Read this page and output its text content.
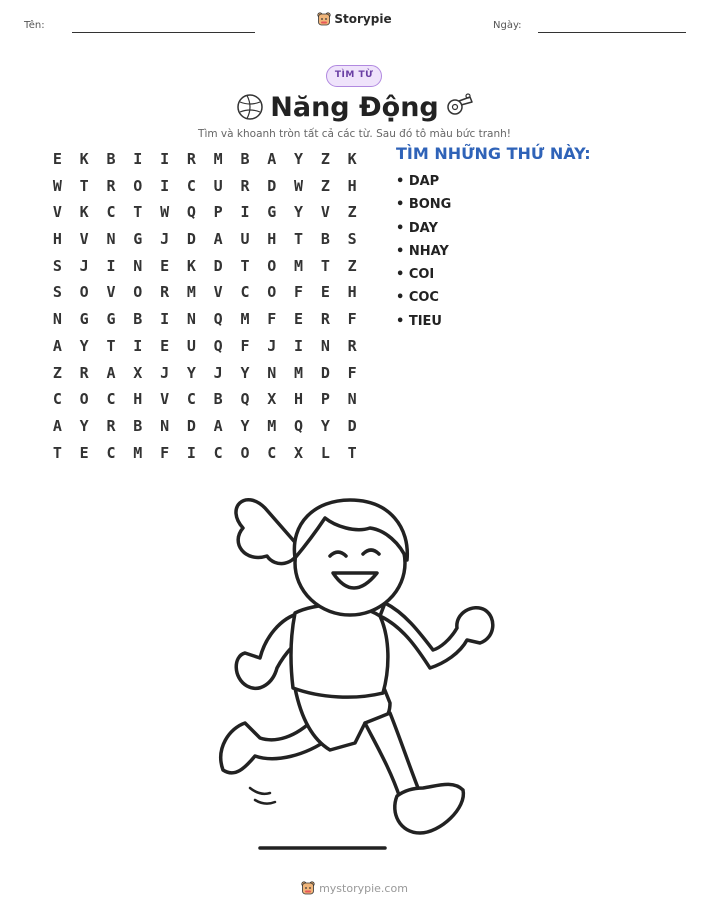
Tên:	Storypie	Ngày:
TÌM TỪ
Năng Động
Tìm và khoanh tròn tất cả các từ. Sau đó tô màu bức tranh!
E	K	B	I	I	R	M	B	A	Y	Z	K
W	T	R	O	I	C	U	R	D	W	Z	H
V	K	C	T	W	Q	P	I	G	Y	V	Z
H	V	N	G	J	D	A	U	H	T	B	S
S	J	I	N	E	K	D	T	O	M	T	Z
S	O	V	O	R	M	V	C	O	F	E	H
N	G	G	B	I	N	Q	M	F	E	R	F
A	Y	T	I	E	U	Q	F	J	I	N	R
Z	R	A	X	J	Y	J	Y	N	M	D	F
C	O	C	H	V	C	B	Q	X	H	P	N
A	Y	R	B	N	D	A	Y	M	Q	Y	D
T	E	C	M	F	I	C	O	C	X	L	T
TÌM NHỮNG THỨ NÀY:
• DAP
• BONG
• DAY
• NHAY
• COI
• COC
• TIEU
mystorypie.com
